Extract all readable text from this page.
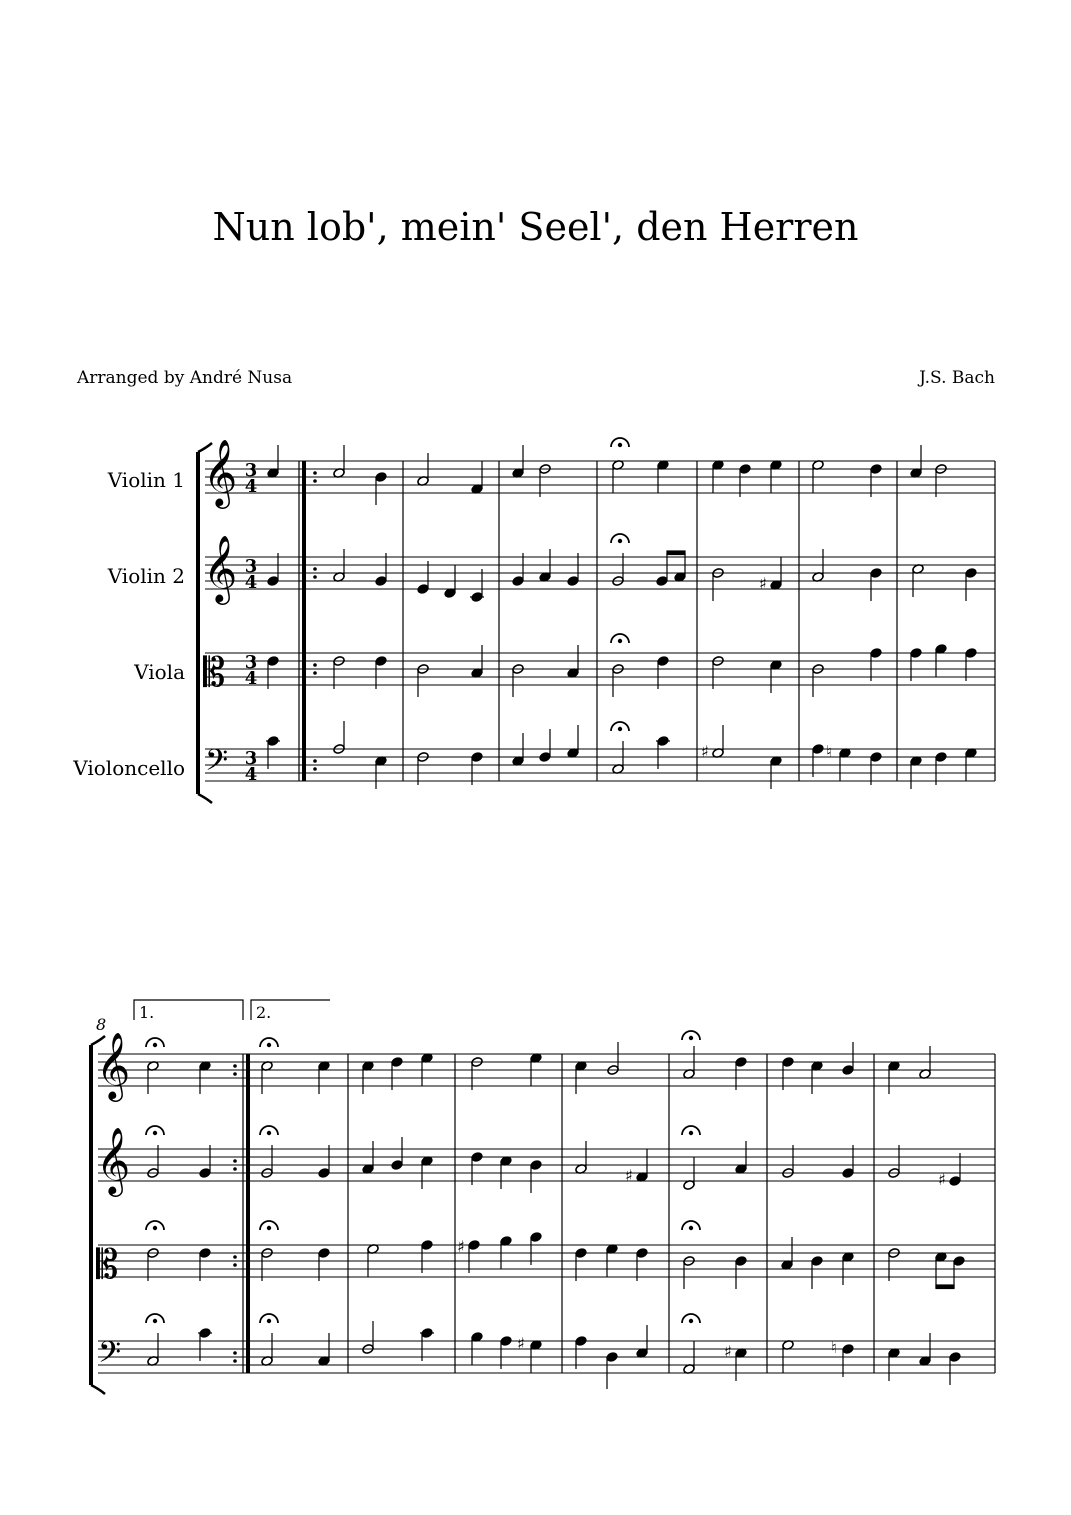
Nun lob', mein' Seel', den Herren
Arranged by André Nusa	J.S. Bach
Violin 1
Violin 2
Viola
Violoncello
𝄞
𝄞
𝄡
𝄢
3
4
3
4
3
4
3
4
♯
♯	♮
8
1.	2.
𝄞
𝄞
𝄡
𝄢
♯	♯
♯
♯	♯	♮
